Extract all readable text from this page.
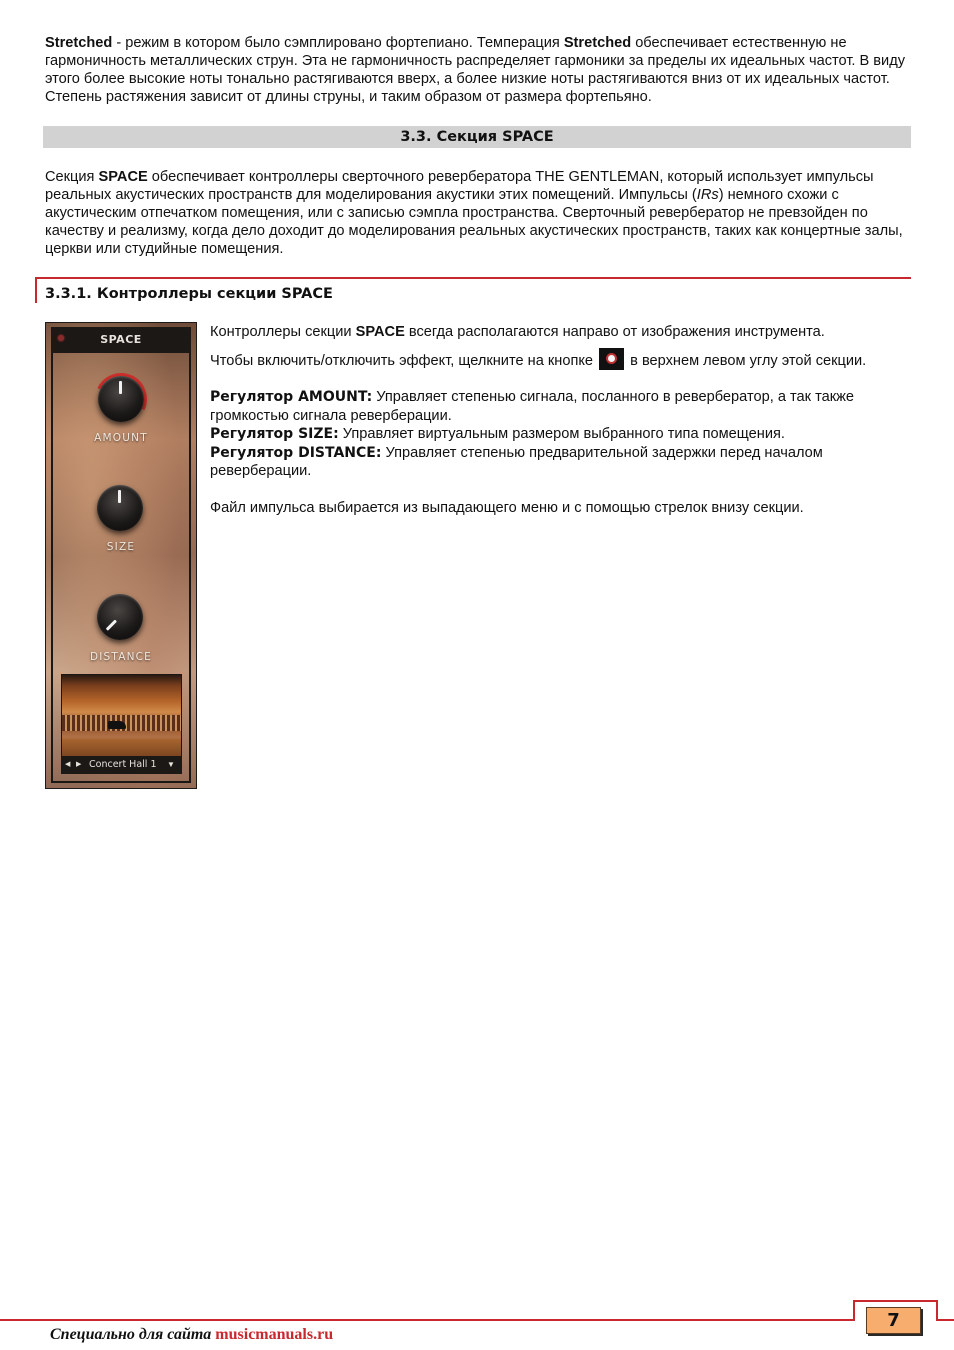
Stretched - режим в котором было сэмплировано фортепиано. Темперация Stretched обеспечивает естественную не гармоничность металлических струн. Эта не гармоничность распределяет гармоники за пределы их идеальных частот. В виду этого более высокие ноты тонально растягиваются вверх, а более низкие ноты растягиваются вниз от их идеальных частот. Степень растяжения зависит от длины струны, и таким образом от размера фортепьяно.

3.3. Секция SPACE

Секция SPACE обеспечивает контроллеры сверточного ревербератора THE GENTLEMAN, который использует импульсы реальных акустических пространств для моделирования акустики этих помещений. Импульсы (IRs) немного схожи с акустическим отпечатком помещения, или с записью сэмпла пространства. Сверточный ревербератор не превзойден по качеству и реализму, когда дело доходит до моделирования реальных акустических пространств, таких как концертные залы, церкви или студийные помещения.

3.3.1. Контроллеры секции SPACE
SPACE
AMOUNT
SIZE
DISTANCE
◀ ▶ Concert Hall 1 ▼

Контроллеры секции SPACE всегда располагаются направо от изображения инструмента.

Чтобы включить/отключить эффект, щелкните на кнопке	в верхнем левом углу этой секции.

Регулятор AMOUNT: Управляет степенью сигнала, посланного в ревербератор, а так также громкостью сигнала реверберации.

Регулятор SIZE: Управляет виртуальным размером выбранного типа помещения.

Регулятор DISTANCE: Управляет степенью предварительной задержки перед началом реверберации.

Файл импульса выбирается из выпадающего меню и с помощью стрелок внизу секции.

7
Специально для сайта musicmanuals.ru
